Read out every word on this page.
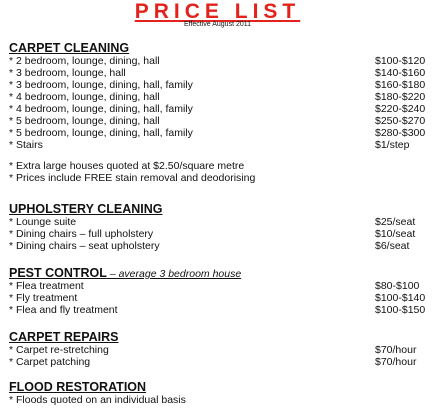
PRICE LIST
Effective August 2011
CARPET CLEANING
* 2 bedroom, lounge, dining, hall	$100-$120
* 3 bedroom, lounge, hall	$140-$160
* 3 bedroom, lounge, dining, hall, family	$160-$180
* 4 bedroom, lounge, dining, hall	$180-$220
* 4 bedroom, lounge, dining, hall, family	$220-$240
* 5 bedroom, lounge, dining, hall	$250-$270
* 5 bedroom, lounge, dining, hall, family	$280-$300
* Stairs	$1/step
* Extra large houses quoted at $2.50/square metre
* Prices include FREE stain removal and deodorising
UPHOLSTERY CLEANING
* Lounge suite	$25/seat
* Dining chairs – full upholstery	$10/seat
* Dining chairs – seat upholstery	$6/seat
PEST CONTROL – average 3 bedroom house
* Flea treatment	$80-$100
* Fly treatment	$100-$140
* Flea and fly treatment	$100-$150
CARPET REPAIRS
* Carpet re-stretching	$70/hour
* Carpet patching	$70/hour
FLOOD RESTORATION
* Floods quoted on an individual basis
